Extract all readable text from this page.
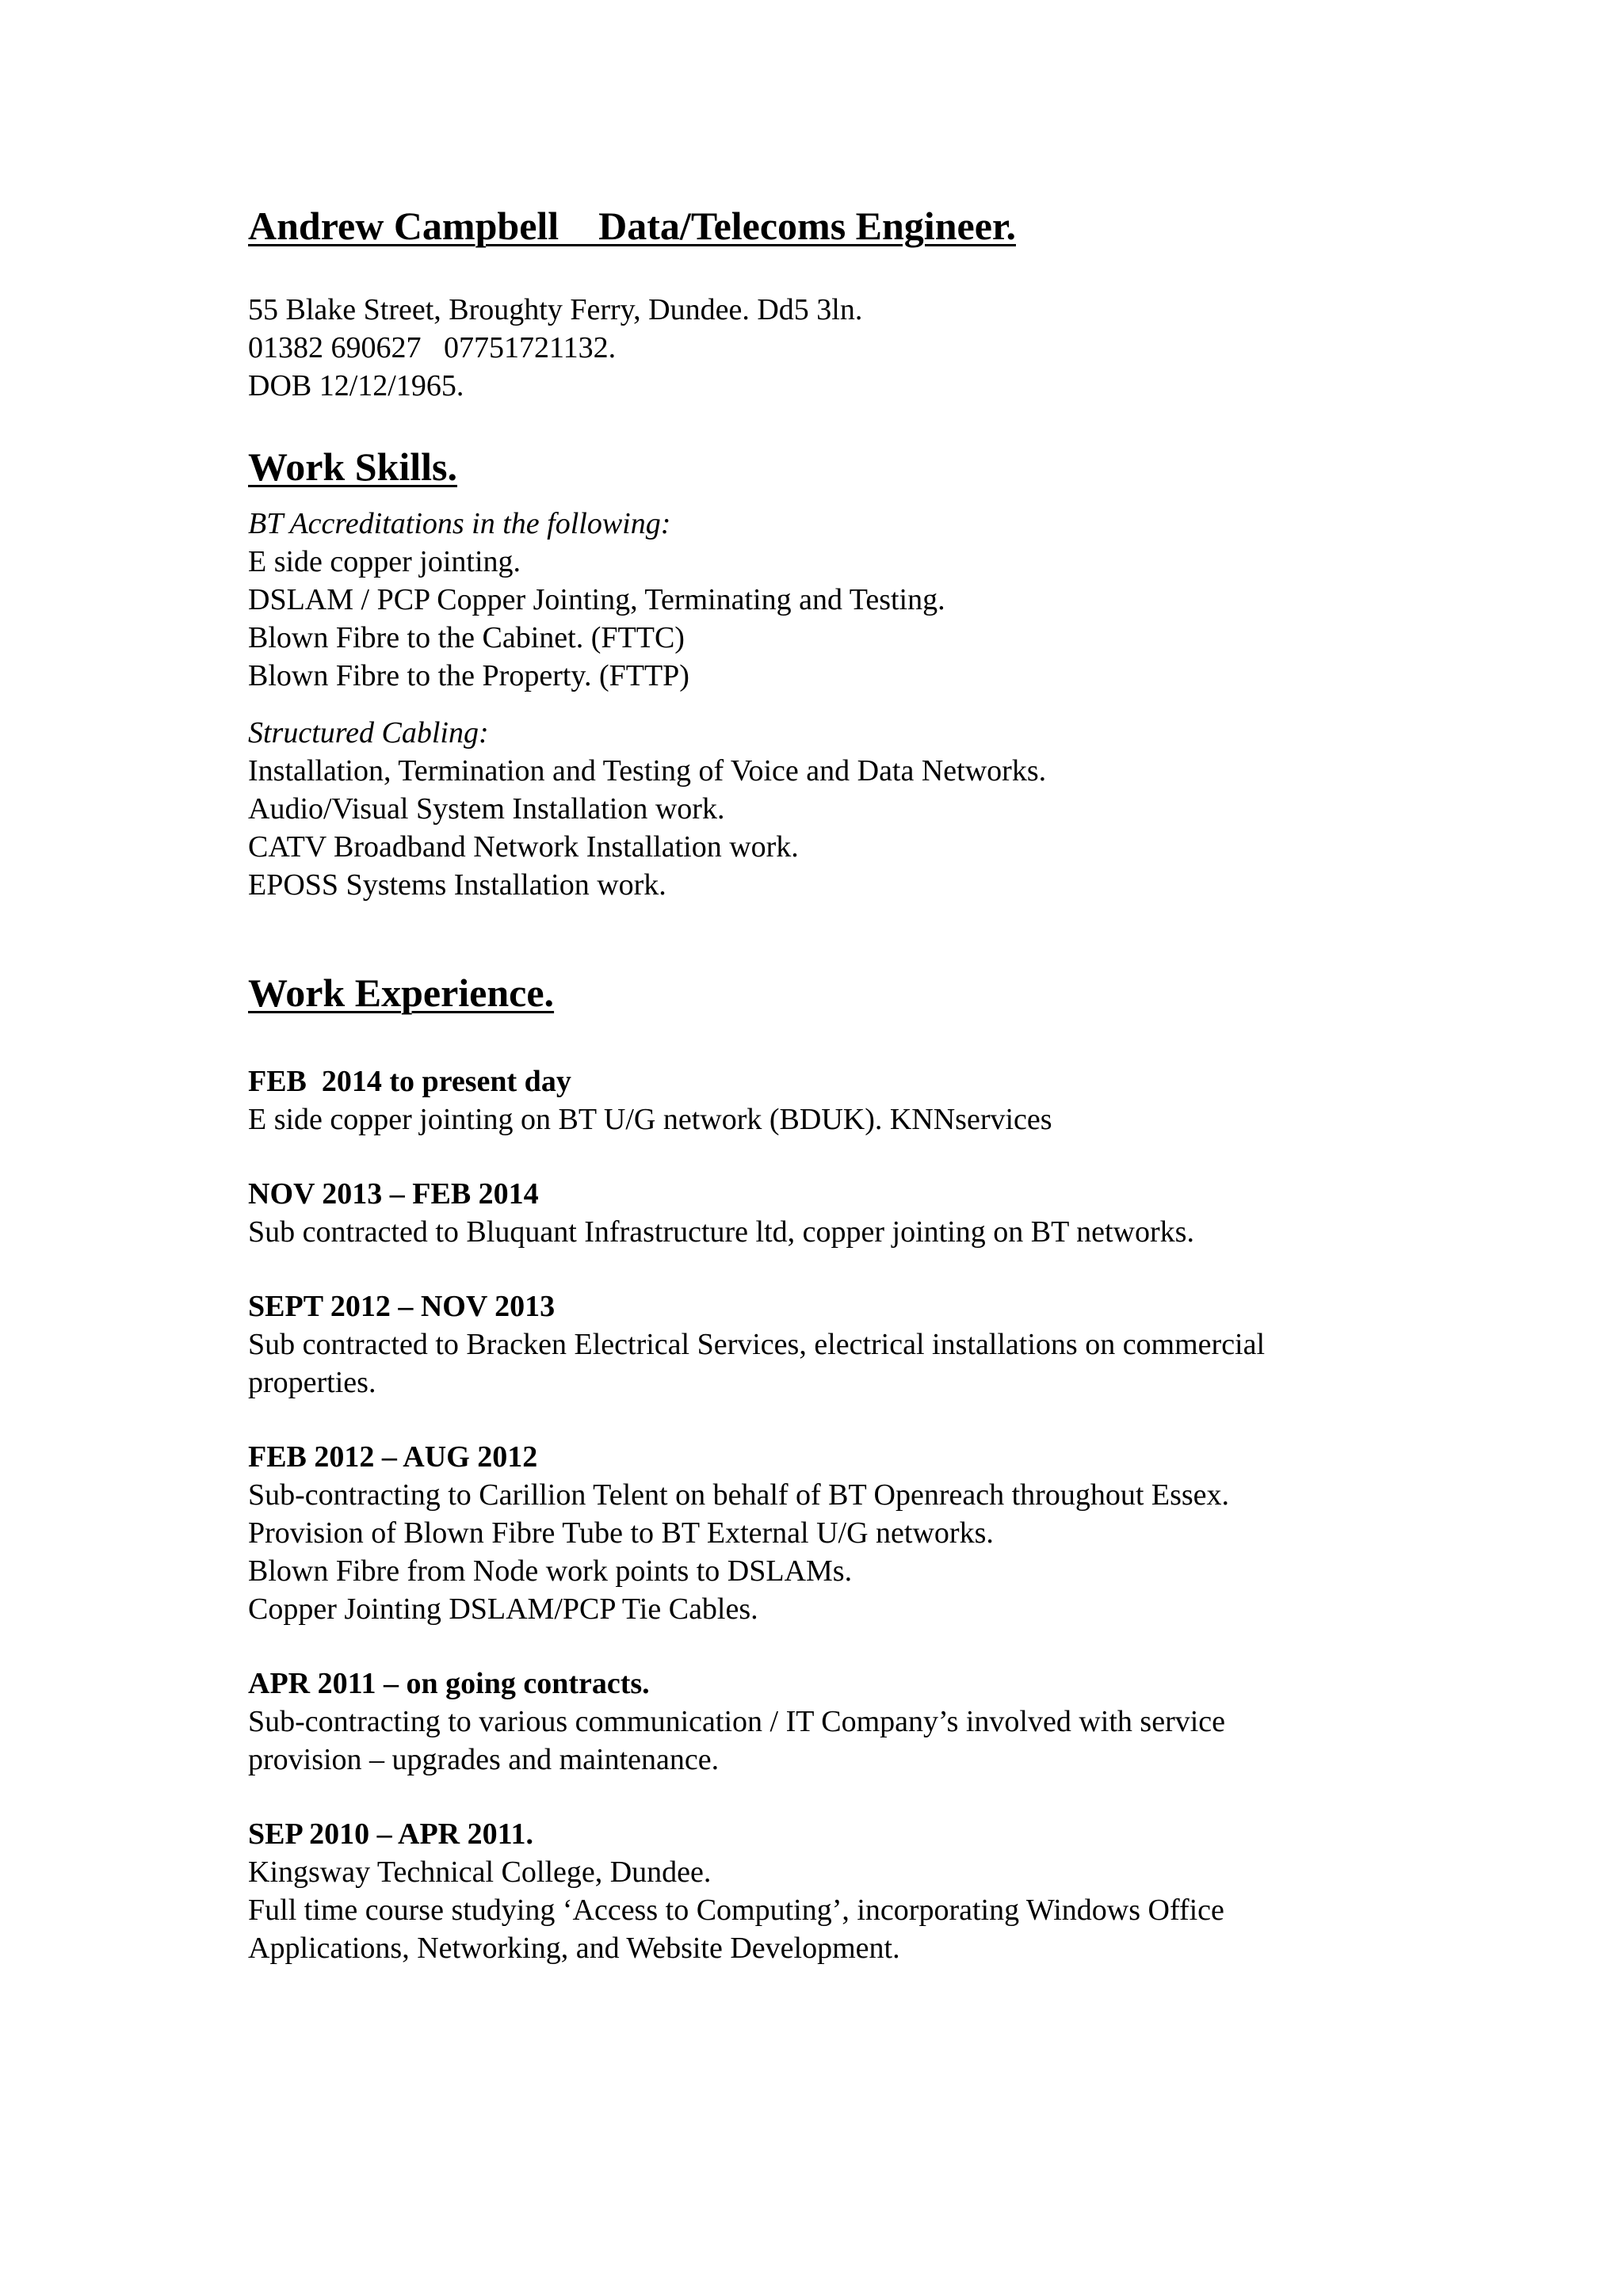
Andrew Campbell    Data/Telecoms Engineer.
55 Blake Street, Broughty Ferry, Dundee. Dd5 3ln.
01382 690627   07751721132.
DOB 12/12/1965.
Work Skills.
BT Accreditations in the following:
E side copper jointing.
DSLAM / PCP Copper Jointing, Terminating and Testing.
Blown Fibre to the Cabinet. (FTTC)
Blown Fibre to the Property. (FTTP)
Structured Cabling:
Installation, Termination and Testing of Voice and Data Networks.
Audio/Visual System Installation work.
CATV Broadband Network Installation work.
EPOSS Systems Installation work.
Work Experience.
FEB  2014 to present day
E side copper jointing on BT U/G network (BDUK). KNNservices
NOV 2013 – FEB 2014
Sub contracted to Bluquant Infrastructure ltd, copper jointing on BT networks.
SEPT 2012 – NOV 2013
Sub contracted to Bracken Electrical Services, electrical installations on commercial
properties.
FEB 2012 – AUG 2012
Sub-contracting to Carillion Telent on behalf of BT Openreach throughout Essex.
Provision of Blown Fibre Tube to BT External U/G networks.
Blown Fibre from Node work points to DSLAMs.
Copper Jointing DSLAM/PCP Tie Cables.
APR 2011 – on going contracts.
Sub-contracting to various communication / IT Company’s involved with service
provision – upgrades and maintenance.
SEP 2010 – APR 2011.
Kingsway Technical College, Dundee.
Full time course studying ‘Access to Computing’, incorporating Windows Office
Applications, Networking, and Website Development.
